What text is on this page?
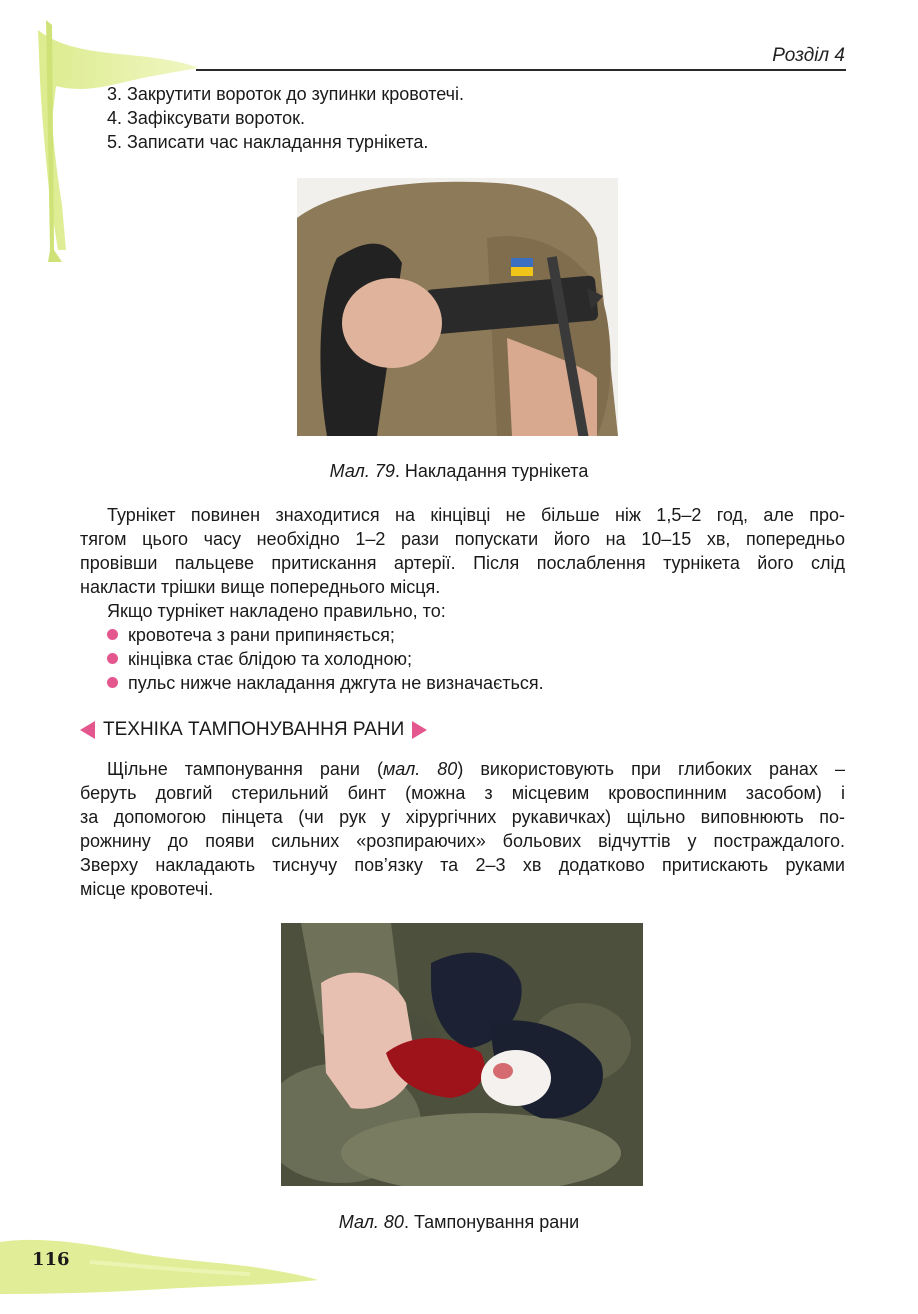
Розділ 4
3. Закрутити вороток до зупинки кровотечі.
4. Зафіксувати вороток.
5. Записати час накладання турнікета.
Мал. 79. Накладання турнікета
Турнікет повинен знаходитися на кінцівці не більше ніж 1,5–2 год, але про-
тягом цього часу необхідно 1–2 рази попускати його на 10–15 хв, попередньо
провівши пальцеве притискання артерії. Після послаблення турнікета його слід
накласти трішки вище попереднього місця.
Якщо турнікет накладено правильно, то:
кровотеча з рани припиняється;
кінцівка стає блідою та холодною;
пульс нижче накладання джгута не визначається.
ТЕХНІКА ТАМПОНУВАННЯ РАНИ
Щільне тампонування рани (мал. 80) використовують при глибоких ранах –
беруть довгий стерильний бинт (можна з місцевим кровоспинним засобом) і
за допомогою пінцета (чи рук у хірургічних рукавичках) щільно виповнюють по-
рожнину до появи сильних «розпираючих» больових відчуттів у постраждалого.
Зверху накладають тиснучу пов’язку та 2–3 хв додатково притискають руками
місце кровотечі.
Мал. 80. Тампонування рани
116
